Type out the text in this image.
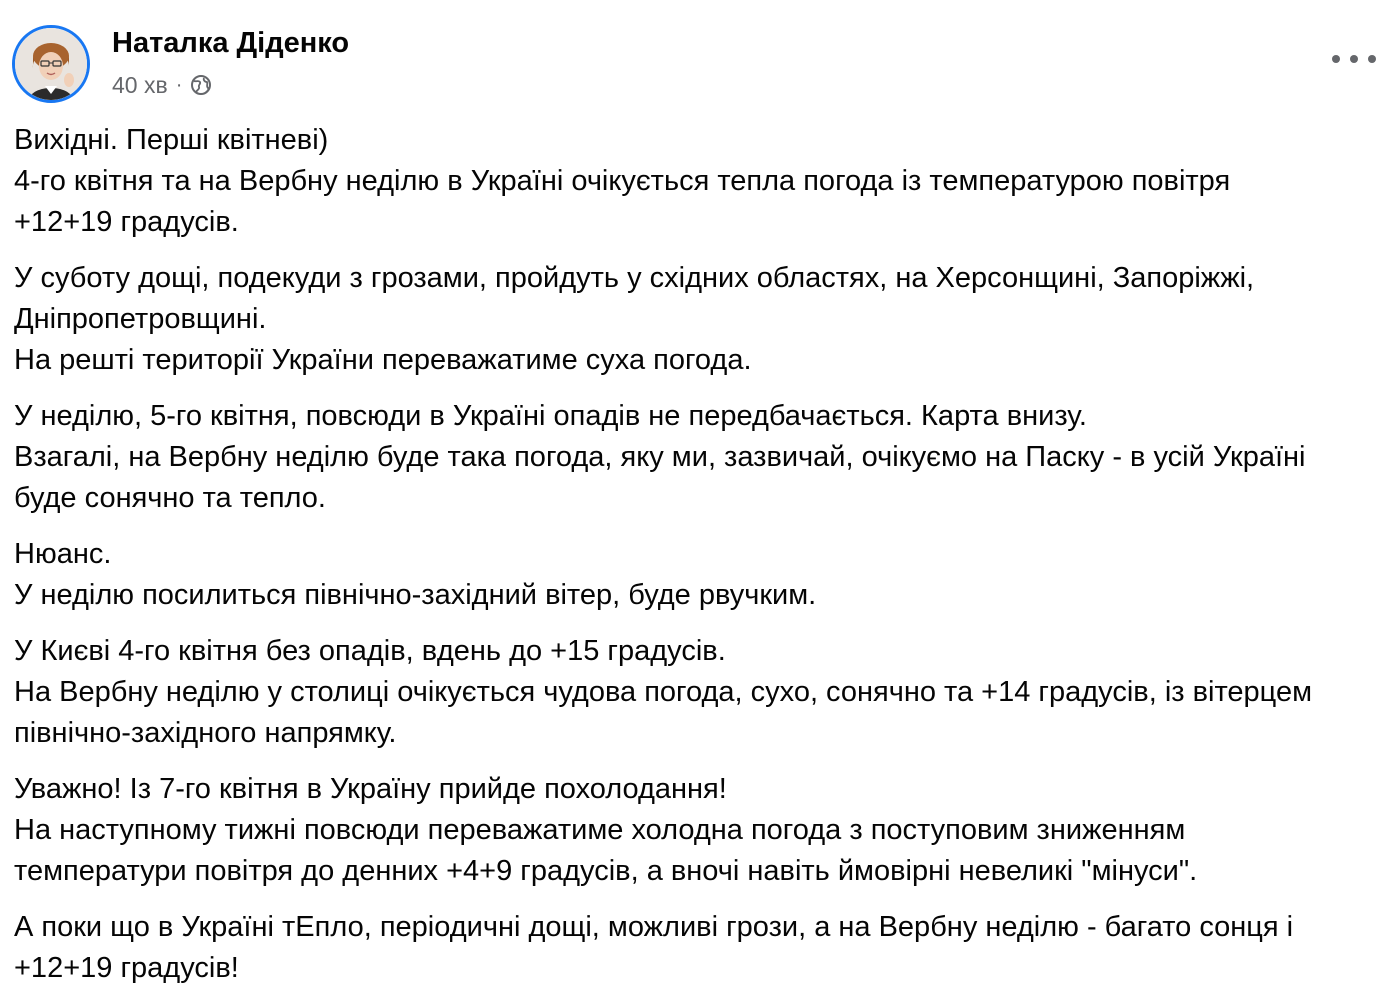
Наталка Діденко
40 хв ·

Вихідні. Перші квітневі)
4-го квітня та на Вербну неділю в Україні очікується тепла погода із температурою повітря
+12+19 градусів.

У суботу дощі, подекуди з грозами, пройдуть у східних областях, на Херсонщині, Запоріжжі,
Дніпропетровщині.
На решті території України переважатиме суха погода.

У неділю, 5-го квітня, повсюди в Україні опадів не передбачається. Карта внизу.
Взагалі, на Вербну неділю буде така погода, яку ми, зазвичай, очікуємо на Паску - в усій Україні
буде сонячно та тепло.

Нюанс.
У неділю посилиться північно-західний вітер, буде рвучким.

У Києві 4-го квітня без опадів, вдень до +15 градусів.
На Вербну неділю у столиці очікується чудова погода, сухо, сонячно та +14 градусів, із вітерцем
північно-західного напрямку.

Уважно! Із 7-го квітня в Україну прийде похолодання!
На наступному тижні повсюди переважатиме холодна погода з поступовим зниженням
температури повітря до денних +4+9 градусів, а вночі навіть ймовірні невеликі "мінуси".

А поки що в Україні тЕпло, періодичні дощі, можливі грози, а на Вербну неділю - багато сонця і
+12+19 градусів!
